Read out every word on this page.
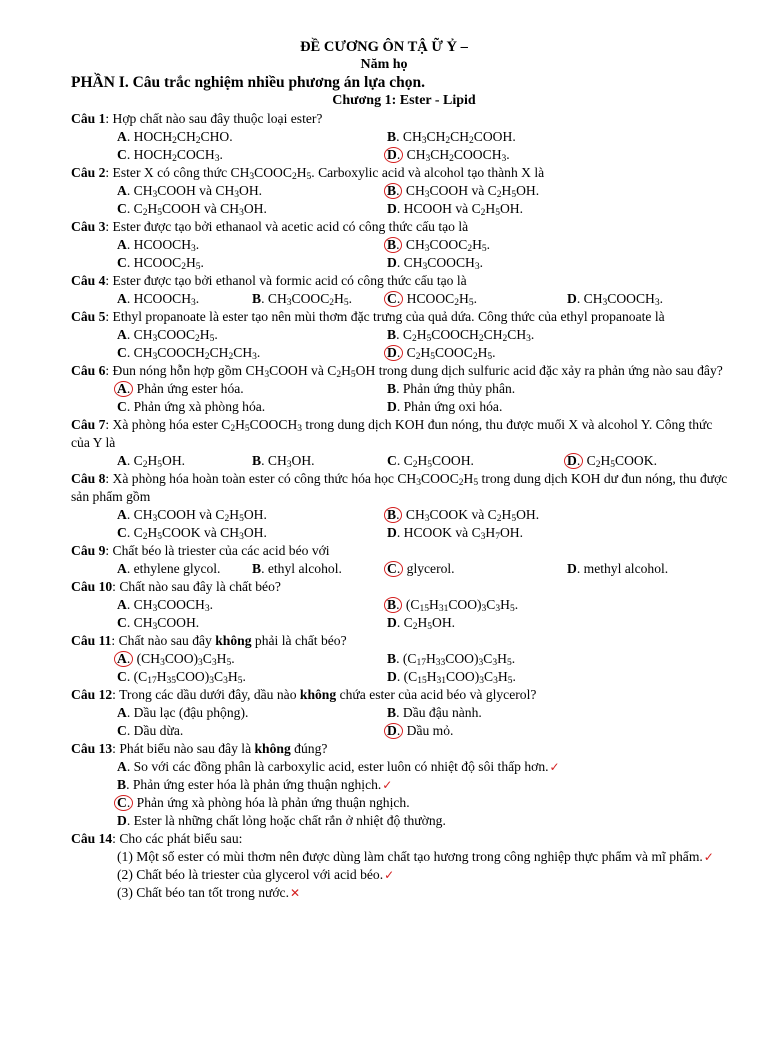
ĐỀ CƯƠNG ÔN TẬ Ữ Ỷ –
Năm họ
PHẦN I. Câu trắc nghiệm nhiều phương án lựa chọn.
Chương 1: Ester - Lipid
Câu 1: Hợp chất nào sau đây thuộc loại ester?
A. $HOCH_2CH_2CHO$.	B. $CH_3CH_2CH_2COOH$.
C. $HOCH_2COCH_3$.	D. $CH_3CH_2COOCH_3$.
Câu 2: Ester X có công thức $CH_3COOC_2H_5$. Carboxylic acid và alcohol tạo thành X là
A. $CH_3COOH$ và $CH_3OH$.	B. $CH_3COOH$ và $C_2H_5OH$.
C. $C_2H_5COOH$ và $CH_3OH$.	D. HCOOH và $C_2H_5OH$.
Câu 3: Ester được tạo bởi ethanaol và acetic acid có công thức cấu tạo là
A. $HCOOCH_3$.	B. $CH_3COOC_2H_5$.
C. $HCOOC_2H_5$.	D. $CH_3COOCH_3$.
Câu 4: Ester được tạo bởi ethanol và formic acid có công thức cấu tạo là
A. $HCOOCH_3$.	B. $CH_3COOC_2H_5$.	C. $HCOOC_2H_5$.	D. $CH_3COOCH_3$.
Câu 5: Ethyl propanoate là ester tạo nên mùi thơm đặc trưng của quả dứa. Công thức của ethyl propanoate là
A. $CH_3COOC_2H_5$.	B. $C_2H_5COOCH_2CH_2CH_3$.
C. $CH_3COOCH_2CH_2CH_3$.	D. $C_2H_5COOC_2H_5$.
Câu 6: Đun nóng hỗn hợp gồm $CH_3COOH$ và $C_2H_5OH$ trong dung dịch sulfuric acid đặc xảy ra phản ứng nào sau đây?
A. Phản ứng ester hóa.	B. Phản ứng thủy phân.
C. Phản ứng xà phòng hóa.	D. Phản ứng oxi hóa.
Câu 7: Xà phòng hóa ester $C_2H_5COOCH_3$ trong dung dịch KOH đun nóng, thu được muối X và alcohol Y. Công thức của Y là
A. $C_2H_5OH$.	B. $CH_3OH$.	C. $C_2H_5COOH$.	D. $C_2H_5COOK$.
Câu 8: Xà phòng hóa hoàn toàn ester có công thức hóa học $CH_3COOC_2H_5$ trong dung dịch KOH dư đun nóng, thu được sản phẩm gồm
A. $CH_3COOH$ và $C_2H_5OH$.	B. $CH_3COOK$ và $C_2H_5OH$.
C. $C_2H_5COOK$ và $CH_3OH$.	D. HCOOK và $C_3H_7OH$.
Câu 9: Chất béo là triester của các acid béo với
A. ethylene glycol. B. ethyl alcohol.	C. glycerol.	D. methyl alcohol.
Câu 10: Chất nào sau đây là chất béo?
A. $CH_3COOCH_3$.	B. $(C_{15}H_{31}COO)_3C_3H_5$.
C. $CH_3COOH$.	D. $C_2H_5OH$.
Câu 11: Chất nào sau đây không phải là chất béo?
A. $(CH_3COO)_3C_3H_5$.	B. $(C_{17}H_{33}COO)_3C_3H_5$.
C. $(C_{17}H_{35}COO)_3C_3H_5$.	D. $(C_{15}H_{31}COO)_3C_3H_5$.
Câu 12: Trong các dầu dưới đây, dầu nào không chứa ester của acid béo và glycerol?
A. Dầu lạc (đậu phộng).	B. Dầu đậu nành.
C. Dầu dừa.	D. Dầu mỏ.
Câu 13: Phát biểu nào sau đây là không đúng?
A. So với các đồng phân là carboxylic acid, ester luôn có nhiệt độ sôi thấp hơn.✓
B. Phản ứng ester hóa là phản ứng thuận nghịch.✓
C. Phản ứng xà phòng hóa là phản ứng thuận nghịch.
D. Ester là những chất lỏng hoặc chất rắn ở nhiệt độ thường.
Câu 14: Cho các phát biểu sau:
(1) Một số ester có mùi thơm nên được dùng làm chất tạo hương trong công nghiệp thực phẩm và mĩ phẩm.✓
(2) Chất béo là triester của glycerol với acid béo.✓
(3) Chất béo tan tốt trong nước.✕
